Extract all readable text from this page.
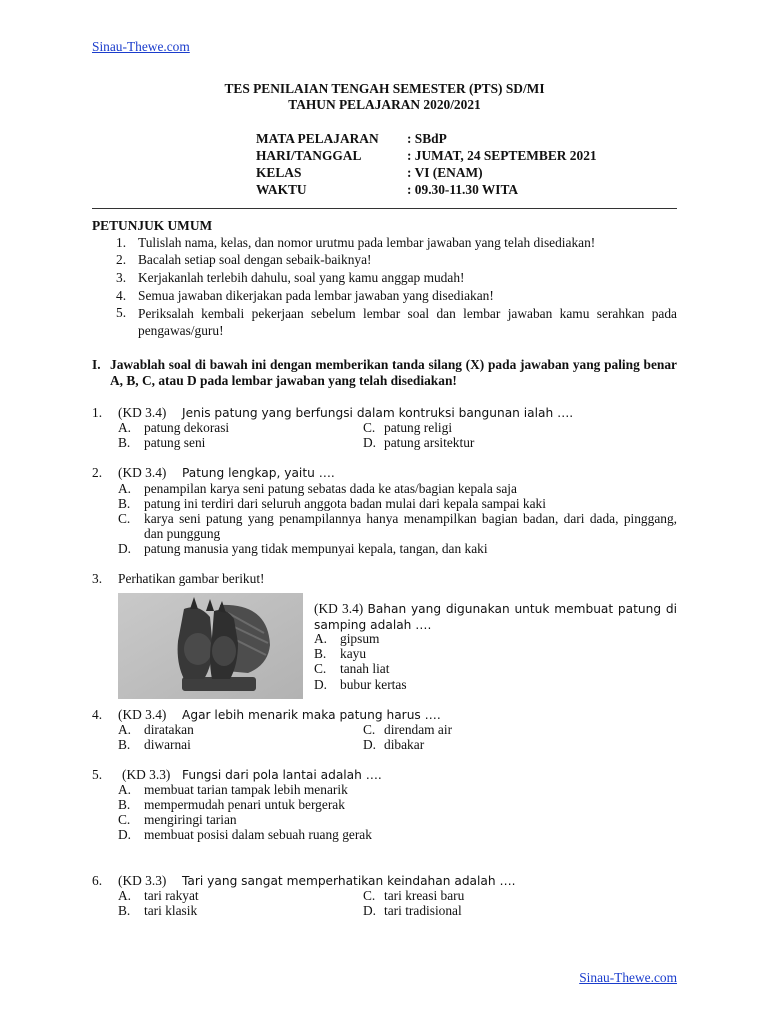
Sinau-Thewe.com
TES PENILAIAN TENGAH SEMESTER (PTS) SD/MI
TAHUN PELAJARAN 2020/2021
MATA PELAJARAN : SBdP
HARI/TANGGAL	: JUMAT, 24 SEPTEMBER 2021
KELAS	: VI (ENAM)
WAKTU	: 09.30-11.30 WITA
PETUNJUK UMUM
1. Tulislah nama, kelas, dan nomor urutmu pada lembar jawaban yang telah disediakan!
2. Bacalah setiap soal dengan sebaik-baiknya!
3. Kerjakanlah terlebih dahulu, soal yang kamu anggap mudah!
4. Semua jawaban dikerjakan pada lembar jawaban yang disediakan!
5. Periksalah kembali pekerjaan sebelum lembar soal dan lembar jawaban kamu serahkan pada pengawas/guru!
I. Jawablah soal di bawah ini dengan memberikan tanda silang (X) pada jawaban yang paling benar A, B, C, atau D pada lembar jawaban yang telah disediakan!
1. (KD 3.4) Jenis patung yang berfungsi dalam kontruksi bangunan ialah ….
A. patung dekorasi	C. patung religi
B. patung seni	D. patung arsitektur
2. (KD 3.4) Patung lengkap, yaitu ….
A. penampilan karya seni patung sebatas dada ke atas/bagian kepala saja
B. patung ini terdiri dari seluruh anggota badan mulai dari kepala sampai kaki
C. karya seni patung yang penampilannya hanya menampilkan bagian badan, dari dada, pinggang, dan punggung
D. patung manusia yang tidak mempunyai kepala, tangan, dan kaki
3. Perhatikan gambar berikut!
(KD 3.4) Bahan yang digunakan untuk membuat patung di samping adalah ….
A. gipsum
B. kayu
C. tanah liat
D. bubur kertas
4. (KD 3.4) Agar lebih menarik maka patung harus ….
A. diratakan	C. direndam air
B. diwarnai	D. dibakar
5. (KD 3.3) Fungsi dari pola lantai adalah ….
A. membuat tarian tampak lebih menarik
B. mempermudah penari untuk bergerak
C. mengiringi tarian
D. membuat posisi dalam sebuah ruang gerak
6. (KD 3.3) Tari yang sangat memperhatikan keindahan adalah ….
A. tari rakyat	C. tari kreasi baru
B. tari klasik	D. tari tradisional
Sinau-Thewe.com
